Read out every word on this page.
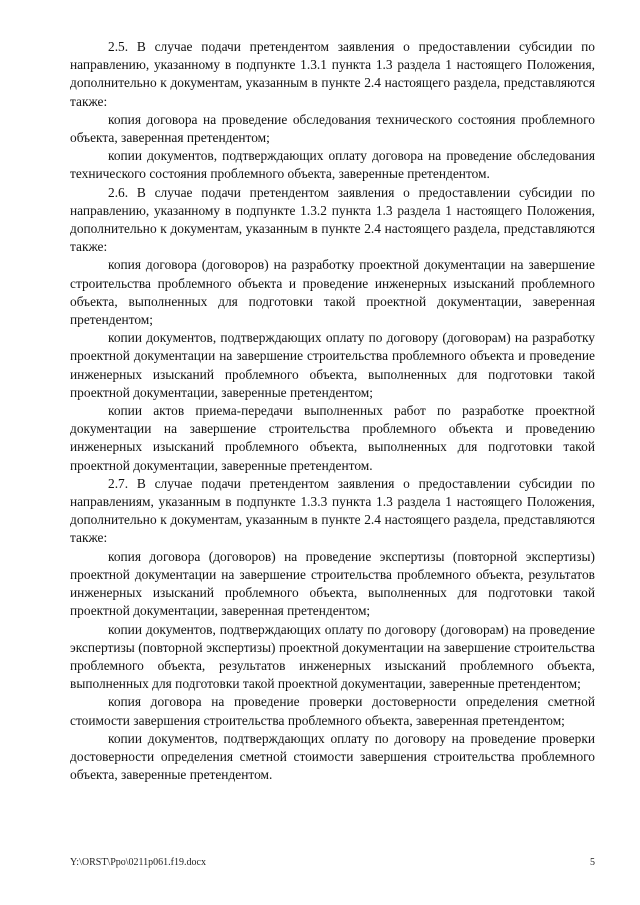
2.5. В случае подачи претендентом заявления о предоставлении субсидии по направлению, указанному в подпункте 1.3.1 пункта 1.3 раздела 1 настоящего Положения, дополнительно к документам, указанным в пункте 2.4 настоящего раздела, представляются также:

копия договора на проведение обследования технического состояния проблемного объекта, заверенная претендентом;

копии документов, подтверждающих оплату договора на проведение обследования технического состояния проблемного объекта, заверенные претендентом.

2.6. В случае подачи претендентом заявления о предоставлении субсидии по направлению, указанному в подпункте 1.3.2 пункта 1.3 раздела 1 настоящего Положения, дополнительно к документам, указанным в пункте 2.4 настоящего раздела, представляются также:

копия договора (договоров) на разработку проектной документации на завершение строительства проблемного объекта и проведение инженерных изысканий проблемного объекта, выполненных для подготовки такой проектной документации, заверенная претендентом;

копии документов, подтверждающих оплату по договору (договорам) на разработку проектной документации на завершение строительства проблемного объекта и проведение инженерных изысканий проблемного объекта, выполненных для подготовки такой проектной документации, заверенные претендентом;

копии актов приема-передачи выполненных работ по разработке проектной документации на завершение строительства проблемного объекта и проведению инженерных изысканий проблемного объекта, выполненных для подготовки такой проектной документации, заверенные претендентом.

2.7. В случае подачи претендентом заявления о предоставлении субсидии по направлениям, указанным в подпункте 1.3.3 пункта 1.3 раздела 1 настоящего Положения, дополнительно к документам, указанным в пункте 2.4 настоящего раздела, представляются также:

копия договора (договоров) на проведение экспертизы (повторной экспертизы) проектной документации на завершение строительства проблемного объекта, результатов инженерных изысканий проблемного объекта, выполненных для подготовки такой проектной документации, заверенная претендентом;

копии документов, подтверждающих оплату по договору (договорам) на проведение экспертизы (повторной экспертизы) проектной документации на завершение строительства проблемного объекта, результатов инженерных изысканий проблемного объекта, выполненных для подготовки такой проектной документации, заверенные претендентом;

копия договора на проведение проверки достоверности определения сметной стоимости завершения строительства проблемного объекта, заверенная претендентом;

копии документов, подтверждающих оплату по договору на проведение проверки достоверности определения сметной стоимости завершения строительства проблемного объекта, заверенные претендентом.

Y:\ORST\Ppo\0211p061.f19.docx	5
